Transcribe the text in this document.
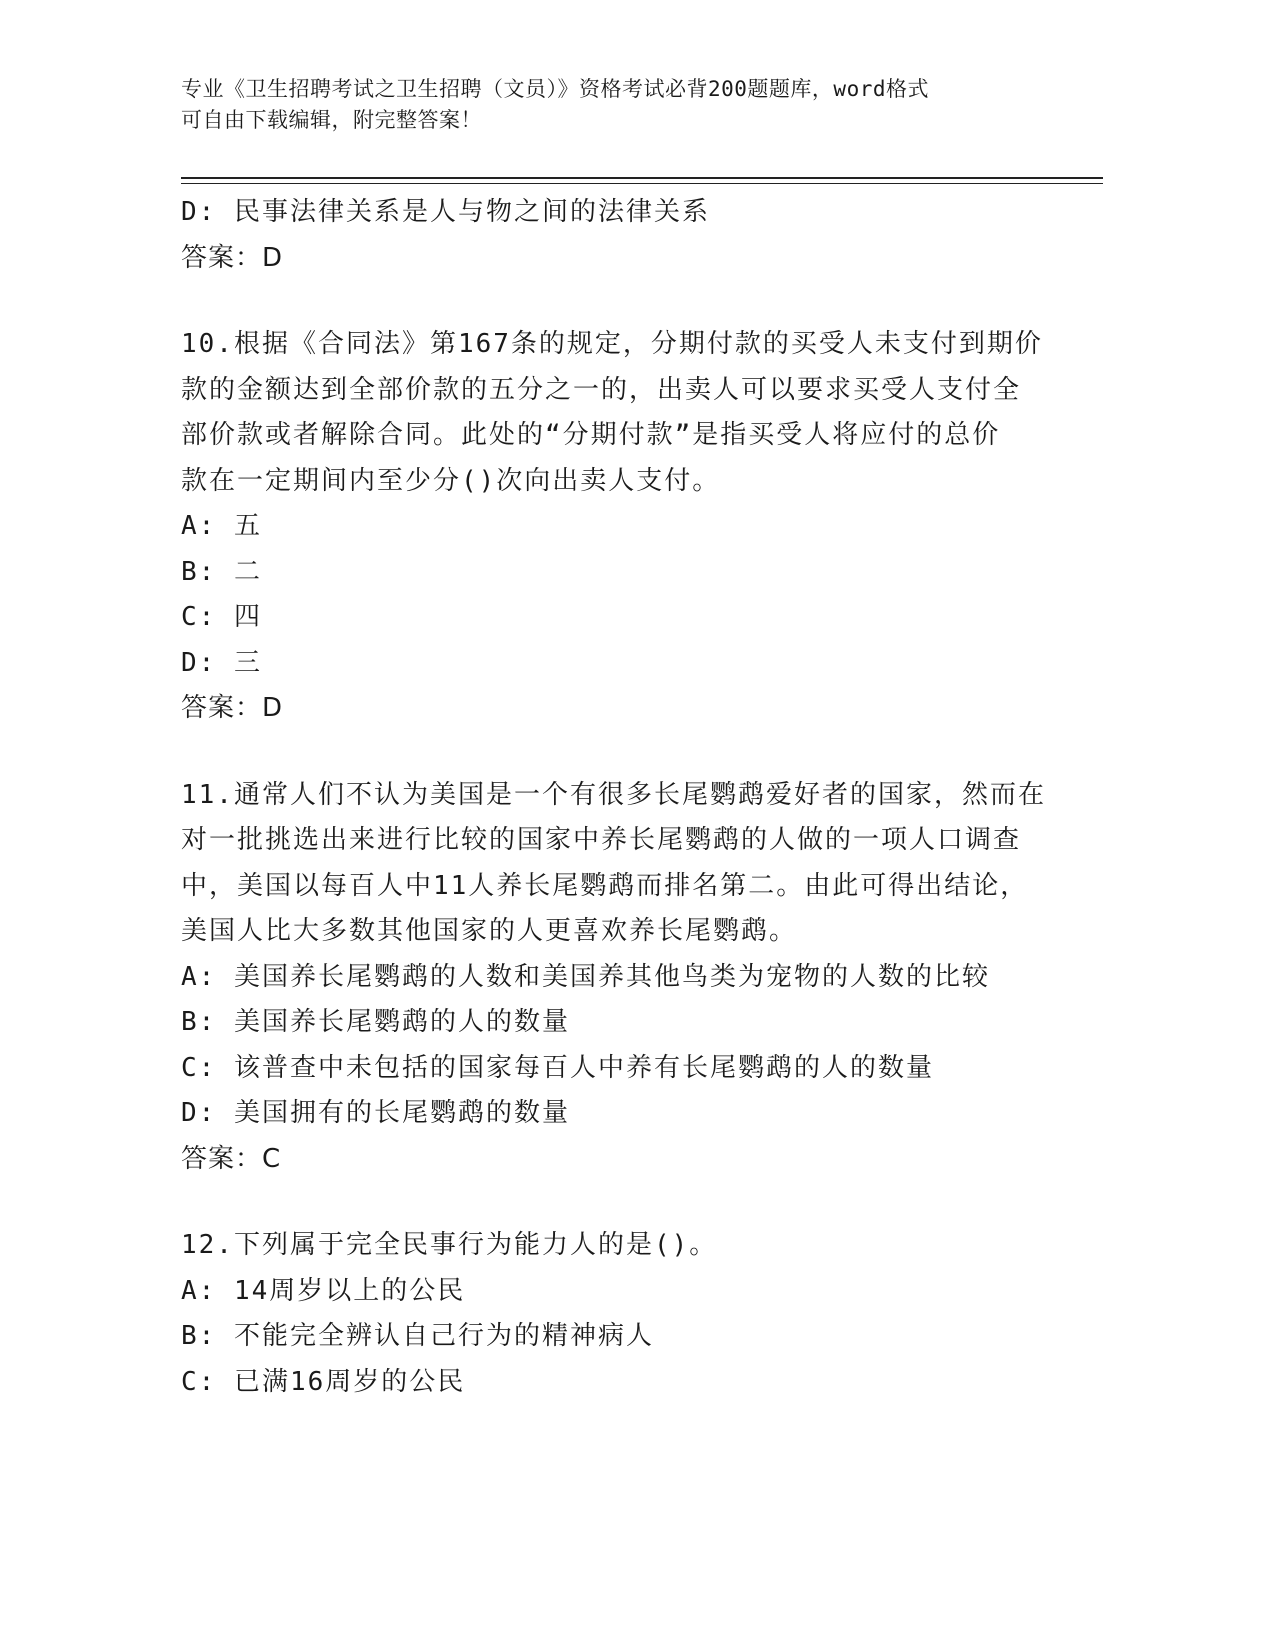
专业《卫生招聘考试之卫生招聘（文员）》资格考试必背200题题库，word格式
可自由下载编辑，附完整答案！
D: 民事法律关系是人与物之间的法律关系
答案：D
10.根据《合同法》第167条的规定，分期付款的买受人未支付到期价
款的金额达到全部价款的五分之一的，出卖人可以要求买受人支付全
部价款或者解除合同。此处的“分期付款”是指买受人将应付的总价
款在一定期间内至少分()次向出卖人支付。
A: 五
B: 二
C: 四
D: 三
答案：D
11.通常人们不认为美国是一个有很多长尾鹦鹉爱好者的国家，然而在
对一批挑选出来进行比较的国家中养长尾鹦鹉的人做的一项人口调查
中，美国以每百人中11人养长尾鹦鹉而排名第二。由此可得出结论，
美国人比大多数其他国家的人更喜欢养长尾鹦鹉。
A: 美国养长尾鹦鹉的人数和美国养其他鸟类为宠物的人数的比较
B: 美国养长尾鹦鹉的人的数量
C: 该普查中未包括的国家每百人中养有长尾鹦鹉的人的数量
D: 美国拥有的长尾鹦鹉的数量
答案：C
12.下列属于完全民事行为能力人的是()。
A: 14周岁以上的公民
B: 不能完全辨认自己行为的精神病人
C: 已满16周岁的公民
